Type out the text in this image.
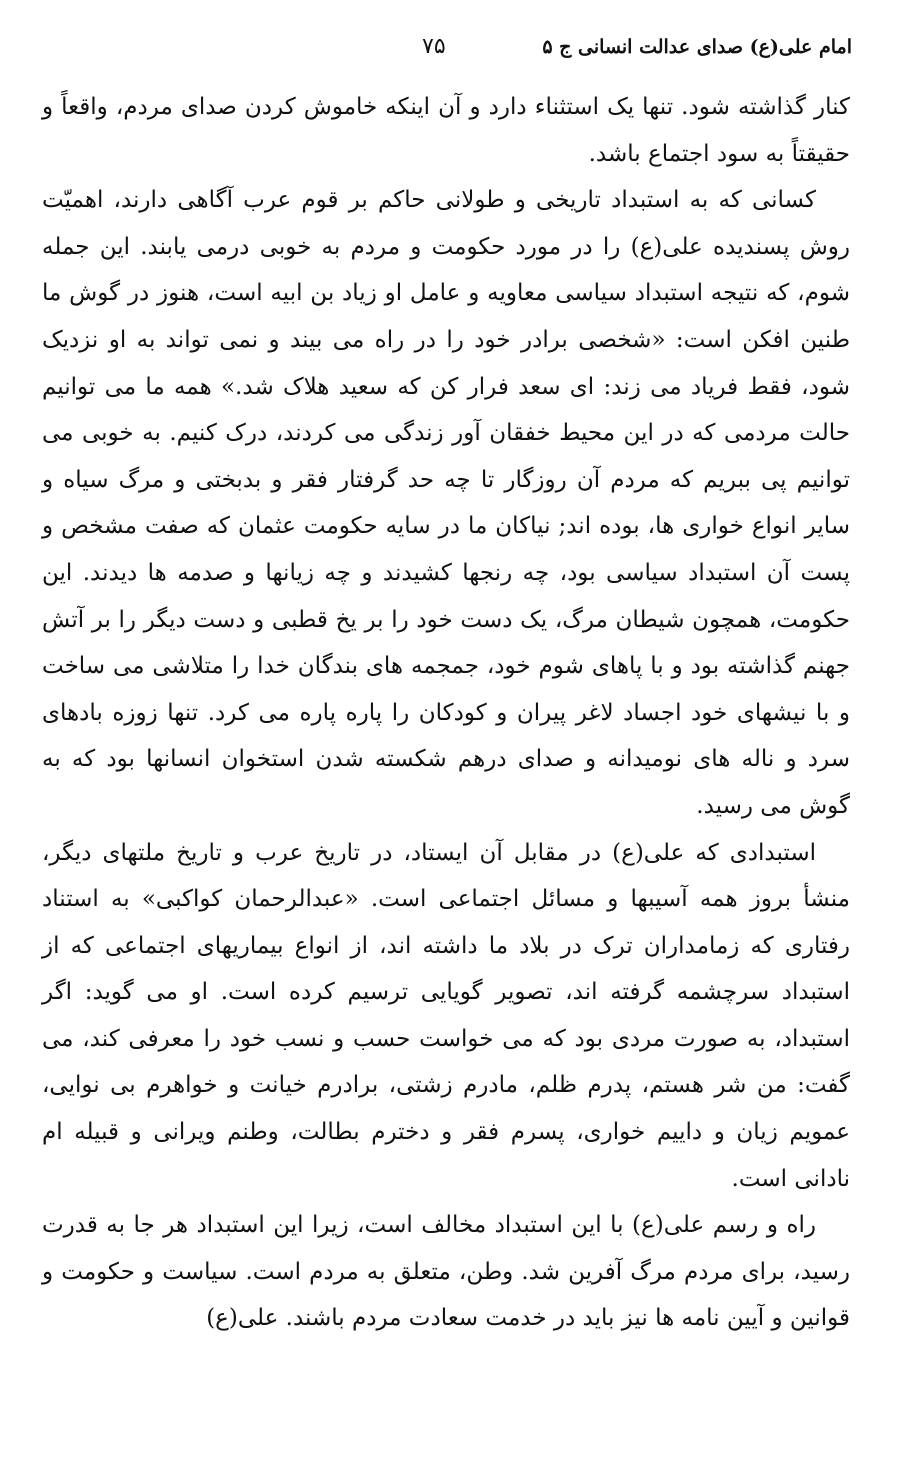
امام علی(ع) صدای عدالت انسانی ج ۵
۷۵

کنار گذاشته شود. تنها یک استثناء دارد و آن اینکه خاموش کردن صدای مردم، واقعاً و حقیقتاً به سود اجتماع باشد.

کسانی که به استبداد تاریخی و طولانی حاکم بر قوم عرب آگاهی دارند، اهمیّت روش پسندیده علی(ع) را در مورد حکومت و مردم به خوبی درمی یابند. این جمله شوم، که نتیجه استبداد سیاسی معاویه و عامل او زیاد بن ابیه است، هنوز در گوش ما طنین افکن است: «شخصی برادر خود را در راه می بیند و نمی تواند به او نزدیک شود، فقط فریاد می زند: ای سعد فرار کن که سعید هلاک شد.» همه ما می توانیم حالت مردمی که در این محیط خفقان آور زندگی می کردند، درک کنیم. به خوبی می توانیم پی ببریم که مردم آن روزگار تا چه حد گرفتار فقر و بدبختی و مرگ سیاه و سایر انواع خواری ها، بوده اند; نیاکان ما در سایه حکومت عثمان که صفت مشخص و پست آن استبداد سیاسی بود، چه رنجها کشیدند و چه زیانها و صدمه ها دیدند. این حکومت، همچون شیطان مرگ، یک دست خود را بر یخ قطبی و دست دیگر را بر آتش جهنم گذاشته بود و با پاهای شوم خود، جمجمه های بندگان خدا را متلاشی می ساخت و با نیشهای خود اجساد لاغر پیران و کودکان را پاره پاره می کرد. تنها زوزه بادهای سرد و ناله های نومیدانه و صدای درهم شکسته شدن استخوان انسانها بود که به گوش می رسید.

استبدادی که علی(ع) در مقابل آن ایستاد، در تاریخ عرب و تاریخ ملتهای دیگر، منشأ بروز همه آسیبها و مسائل اجتماعی است. «عبدالرحمان کواکبی» به استناد رفتاری که زمامداران ترک در بلاد ما داشته اند، از انواع بیماریهای اجتماعی که از استبداد سرچشمه گرفته اند، تصویر گویایی ترسیم کرده است. او می گوید: اگر استبداد، به صورت مردی بود که می خواست حسب و نسب خود را معرفی کند، می گفت: من شر هستم، پدرم ظلم، مادرم زشتی، برادرم خیانت و خواهرم بی نوایی، عمویم زیان و داییم خواری، پسرم فقر و دخترم بطالت، وطنم ویرانی و قبیله ام نادانی است.

راه و رسم علی(ع) با این استبداد مخالف است، زیرا این استبداد هر جا به قدرت رسید، برای مردم مرگ آفرین شد. وطن، متعلق به مردم است. سیاست و حکومت و قوانین و آیین نامه ها نیز باید در خدمت سعادت مردم باشند. علی(ع)
